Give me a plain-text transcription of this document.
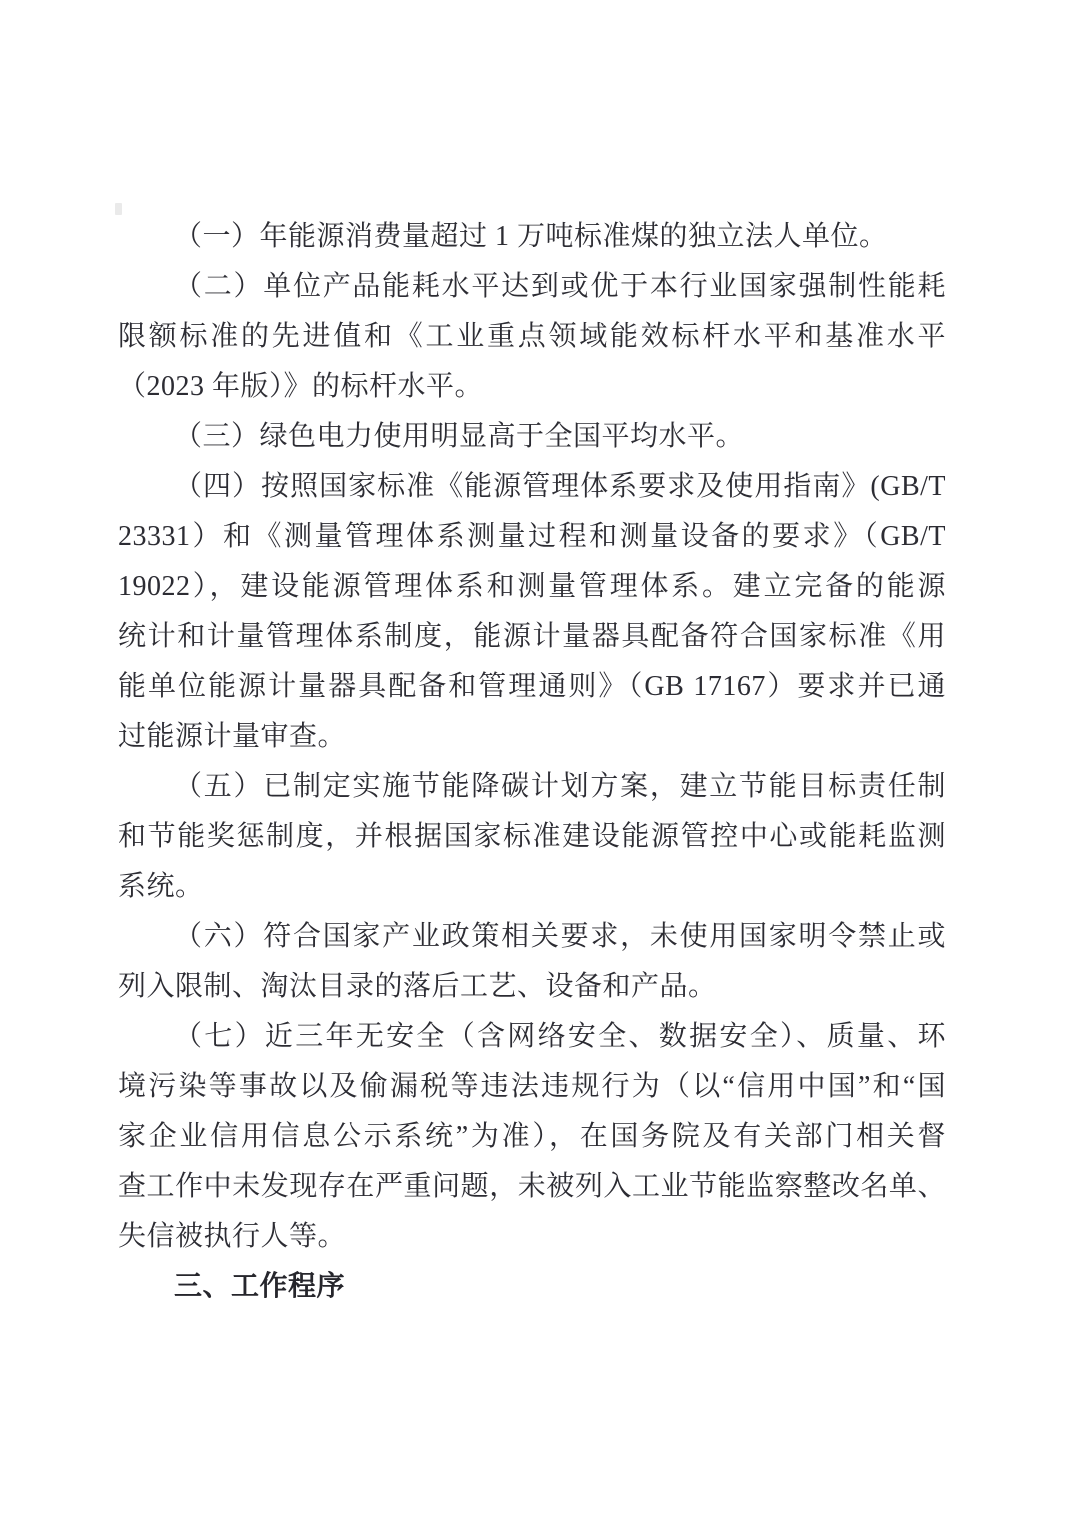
（一）年能源消费量超过 1 万吨标准煤的独立法人单位。
（二）单位产品能耗水平达到或优于本行业国家强制性能耗
限额标准的先进值和《工业重点领域能效标杆水平和基准水平
（2023 年版）》的标杆水平。
（三）绿色电力使用明显高于全国平均水平。
（四）按照国家标准《能源管理体系要求及使用指南》(GB/T
23331）和《测量管理体系测量过程和测量设备的要求》（GB/T
19022），建设能源管理体系和测量管理体系。建立完备的能源
统计和计量管理体系制度，能源计量器具配备符合国家标准《用
能单位能源计量器具配备和管理通则》（GB 17167）要求并已通
过能源计量审查。
（五）已制定实施节能降碳计划方案，建立节能目标责任制
和节能奖惩制度，并根据国家标准建设能源管控中心或能耗监测
系统。
（六）符合国家产业政策相关要求，未使用国家明令禁止或
列入限制、淘汰目录的落后工艺、设备和产品。
（七）近三年无安全（含网络安全、数据安全）、质量、环
境污染等事故以及偷漏税等违法违规行为（以“信用中国”和“国
家企业信用信息公示系统”为准），在国务院及有关部门相关督
查工作中未发现存在严重问题，未被列入工业节能监察整改名单、
失信被执行人等。
三、工作程序
